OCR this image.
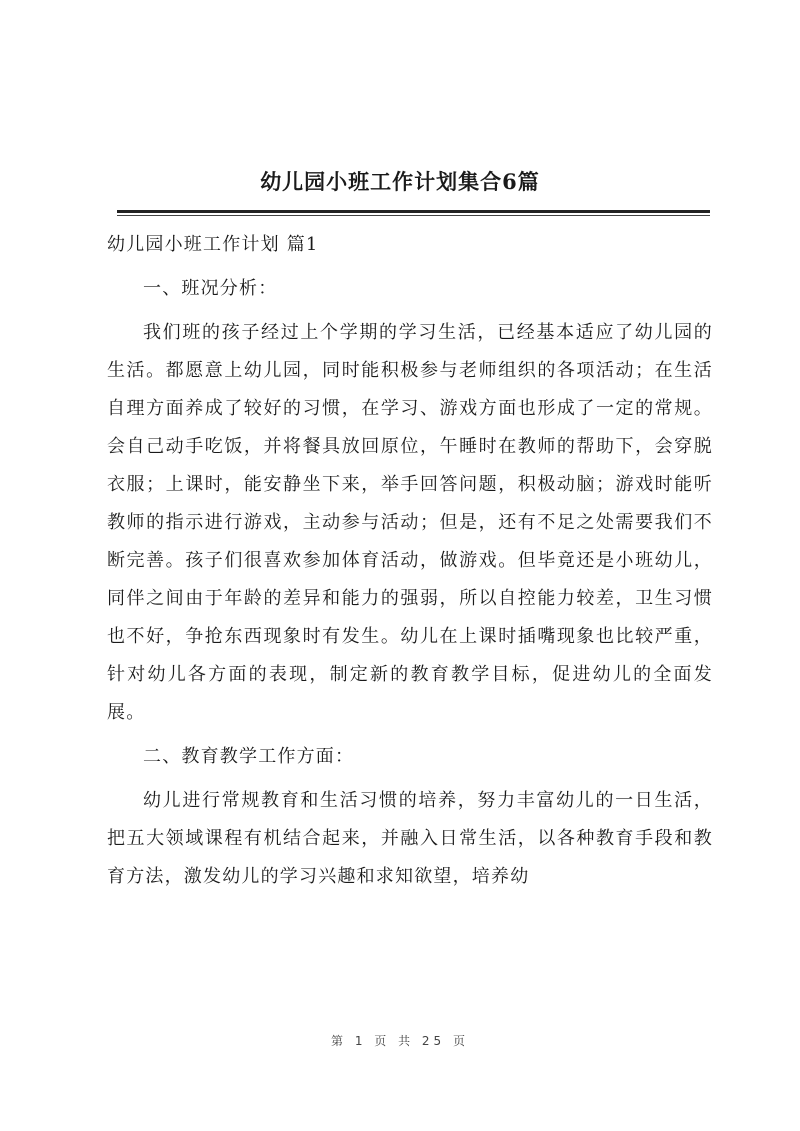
幼儿园小班工作计划集合6篇

幼儿园小班工作计划 篇1

一、班况分析：

我们班的孩子经过上个学期的学习生活，已经基本适应了幼儿园的生活。都愿意上幼儿园，同时能积极参与老师组织的各项活动；在生活自理方面养成了较好的习惯，在学习、游戏方面也形成了一定的常规。会自己动手吃饭，并将餐具放回原位，午睡时在教师的帮助下，会穿脱衣服；上课时，能安静坐下来，举手回答问题，积极动脑；游戏时能听教师的指示进行游戏，主动参与活动；但是，还有不足之处需要我们不断完善。孩子们很喜欢参加体育活动，做游戏。但毕竟还是小班幼儿，同伴之间由于年龄的差异和能力的强弱，所以自控能力较差，卫生习惯也不好，争抢东西现象时有发生。幼儿在上课时插嘴现象也比较严重，针对幼儿各方面的表现，制定新的教育教学目标，促进幼儿的全面发展。

二、教育教学工作方面：

幼儿进行常规教育和生活习惯的培养，努力丰富幼儿的一日生活，把五大领域课程有机结合起来，并融入日常生活，以各种教育手段和教育方法，激发幼儿的学习兴趣和求知欲望，培养幼

第 1 页 共 25 页
